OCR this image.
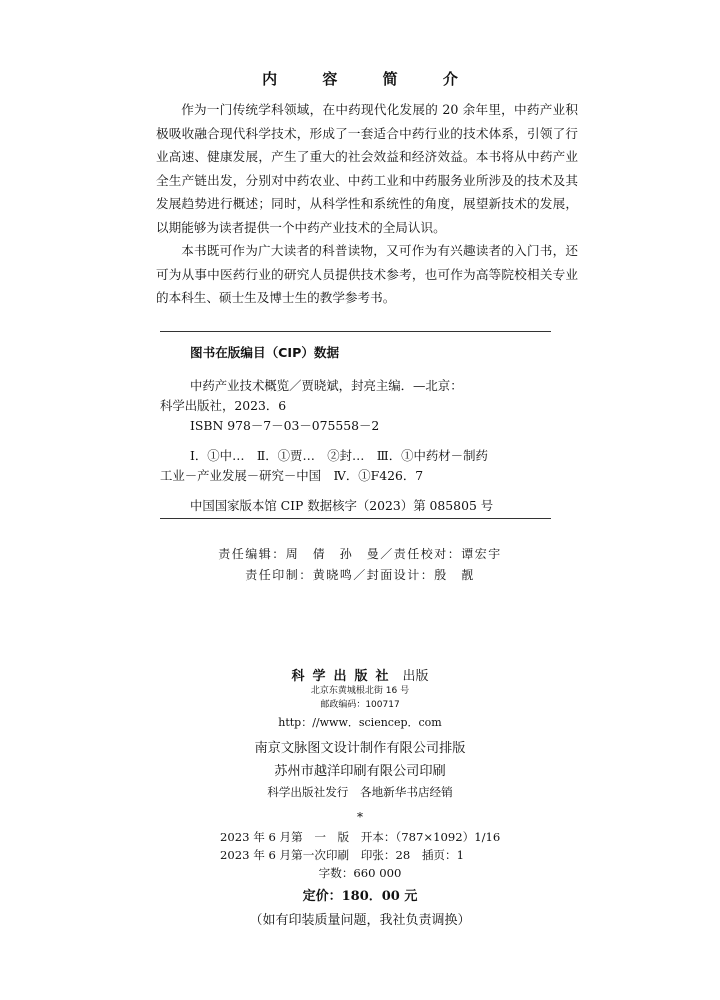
内 容 简 介

作为一门传统学科领域，在中药现代化发展的 20 余年里，中药产业积极吸收融合现代科学技术，形成了一套适合中药行业的技术体系，引领了行业高速、健康发展，产生了重大的社会效益和经济效益。本书将从中药产业全生产链出发，分别对中药农业、中药工业和中药服务业所涉及的技术及其发展趋势进行概述；同时，从科学性和系统性的角度，展望新技术的发展，以期能够为读者提供一个中药产业技术的全局认识。

本书既可作为广大读者的科普读物，又可作为有兴趣读者的入门书，还可为从事中医药行业的研究人员提供技术参考，也可作为高等院校相关专业的本科生、硕士生及博士生的教学参考书。

图书在版编目（CIP）数据
中药产业技术概览／贾晓斌，封亮主编．—北京：
科学出版社，2023．6
ISBN 978－7－03－075558－2
Ⅰ．①中…　Ⅱ．①贾…　②封…　Ⅲ．①中药材－制药
工业－产业发展－研究－中国　Ⅳ．①F426．7
中国国家版本馆 CIP 数据核字（2023）第 085805 号
责任编辑：周　倩　孙　曼／责任校对：谭宏宇
责任印制：黄晓鸣／封面设计：殷　靓
科学出版社 出版
北京东黄城根北街 16 号
邮政编码：100717
http：//www．sciencep．com
南京文脉图文设计制作有限公司排版
苏州市越洋印刷有限公司印刷
科学出版社发行　各地新华书店经销
*
2023 年 6 月第　一　版　开本：（787×1092）1/16
2023 年 6 月第一次印刷　印张：28　插页：1
字数：660 000
定价：180．00 元
（如有印装质量问题，我社负责调换）
